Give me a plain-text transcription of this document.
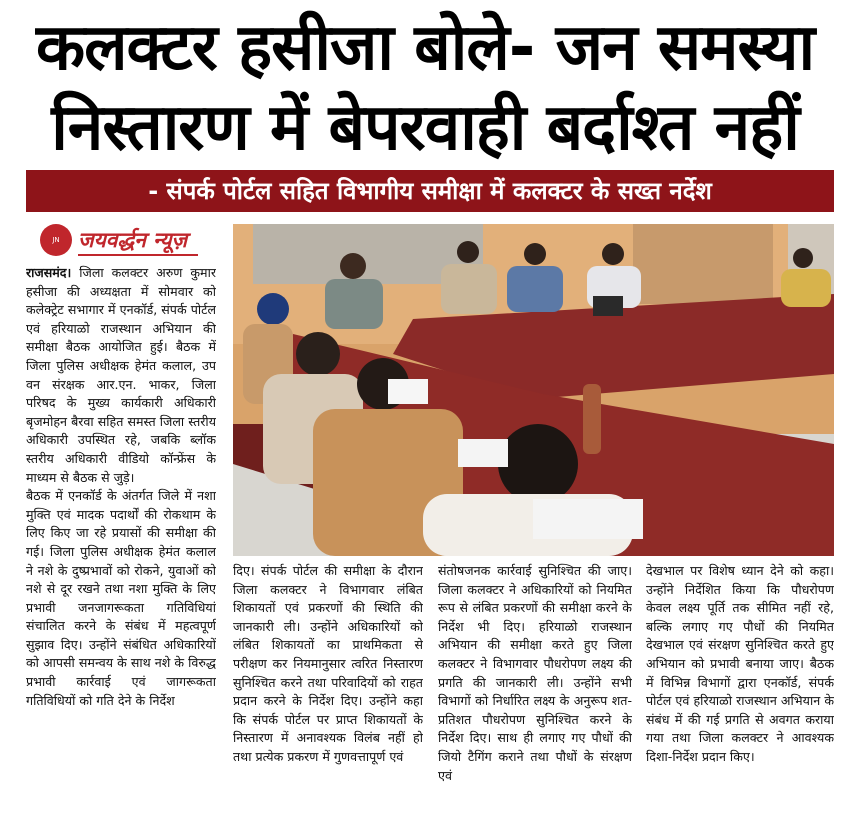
कलक्टर हसीजा बोले- जन समस्या
निस्तारण में बेपरवाही बर्दाश्त नहीं
- संपर्क पोर्टल सहित विभागीय समीक्षा में कलक्टर के सख्त नर्देश
JN जयवर्द्धन न्यूज़

राजसमंद। जिला कलक्टर अरुण कुमार हसीजा की अध्यक्षता में सोमवार को कलेक्ट्रेट सभागार में एनकॉर्ड, संपर्क पोर्टल एवं हरियाळो राजस्थान अभियान की समीक्षा बैठक आयोजित हुई। बैठक में जिला पुलिस अधीक्षक हेमंत कलाल, उप वन संरक्षक आर.एन. भाकर, जिला परिषद के मुख्य कार्यकारी अधिकारी बृजमोहन बैरवा सहित समस्त जिला स्तरीय अधिकारी उपस्थित रहे, जबकि ब्लॉक स्तरीय अधिकारी वीडियो कॉन्फ्रेंस के माध्यम से बैठक से जुड़े।

बैठक में एनकॉर्ड के अंतर्गत जिले में नशा मुक्ति एवं मादक पदार्थों की रोकथाम के लिए किए जा रहे प्रयासों की समीक्षा की गई। जिला पुलिस अधीक्षक हेमंत कलाल ने नशे के दुष्प्रभावों को रोकने, युवाओं को नशे से दूर रखने तथा नशा मुक्ति के लिए प्रभावी जनजागरूकता गतिविधियां संचालित करने के संबंध में महत्वपूर्ण सुझाव दिए। उन्होंने संबंधित अधिकारियों को आपसी समन्वय के साथ नशे के विरुद्ध प्रभावी कार्रवाई एवं जागरूकता गतिविधियों को गति देने के निर्देश

दिए। संपर्क पोर्टल की समीक्षा के दौरान जिला कलक्टर ने विभागवार लंबित शिकायतों एवं प्रकरणों की स्थिति की जानकारी ली। उन्होंने अधिकारियों को लंबित शिकायतों का प्राथमिकता से परीक्षण कर नियमानुसार त्वरित निस्तारण सुनिश्चित करने तथा परिवादियों को राहत प्रदान करने के निर्देश दिए। उन्होंने कहा कि संपर्क पोर्टल पर प्राप्त शिकायतों के निस्तारण में अनावश्यक विलंब नहीं हो तथा प्रत्येक प्रकरण में गुणवत्तापूर्ण एवं

संतोषजनक कार्रवाई सुनिश्चित की जाए। जिला कलक्टर ने अधिकारियों को नियमित रूप से लंबित प्रकरणों की समीक्षा करने के निर्देश भी दिए। हरियाळो राजस्थान अभियान की समीक्षा करते हुए जिला कलक्टर ने विभागवार पौधरोपण लक्ष्य की प्रगति की जानकारी ली। उन्होंने सभी विभागों को निर्धारित लक्ष्य के अनुरूप शत-प्रतिशत पौधरोपण सुनिश्चित करने के निर्देश दिए। साथ ही लगाए गए पौधों की जियो टैगिंग कराने तथा पौधों के संरक्षण एवं

देखभाल पर विशेष ध्यान देने को कहा। उन्होंने निर्देशित किया कि पौधरोपण केवल लक्ष्य पूर्ति तक सीमित नहीं रहे, बल्कि लगाए गए पौधों की नियमित देखभाल एवं संरक्षण सुनिश्चित करते हुए अभियान को प्रभावी बनाया जाए। बैठक में विभिन्न विभागों द्वारा एनकॉर्ड, संपर्क पोर्टल एवं हरियाळो राजस्थान अभियान के संबंध में की गई प्रगति से अवगत कराया गया तथा जिला कलक्टर ने आवश्यक दिशा-निर्देश प्रदान किए।
